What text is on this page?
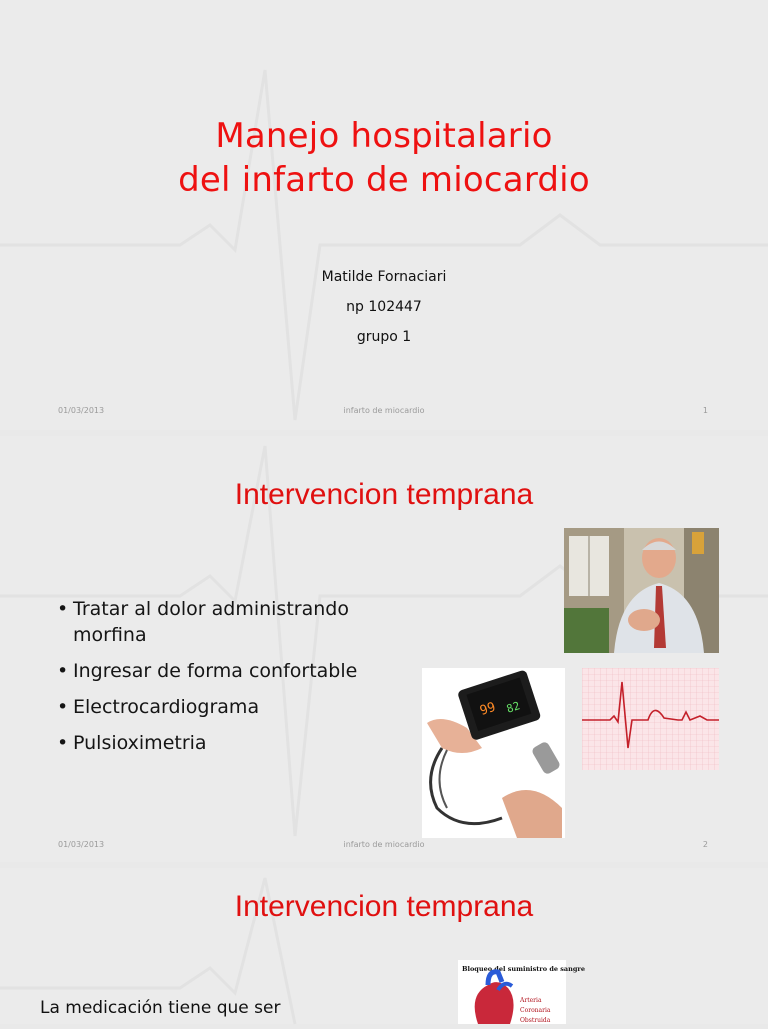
Manejo hospitalario
del infarto de miocardio
Matilde Fornaciari
np 102447
grupo 1
01/03/2013	infarto de miocardio	1
01/03/2013	infarto de miocardio	2
Intervencion temprana
• Tratar al dolor administrando morfina
• Ingresar de forma confortable
• Electrocardiograma
• Pulsioximetria
99 82
Intervencion temprana
La medicación tiene que ser
Bloqueo del suministro de sangre
Arteria
Coronaria
Obstruida
